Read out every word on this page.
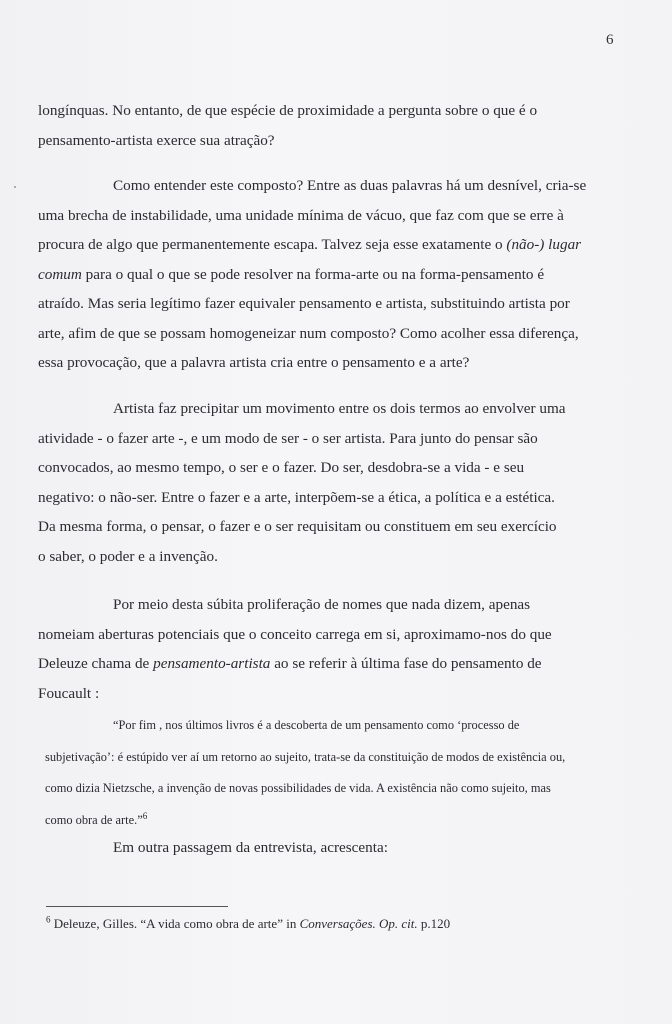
6

longínquas. No entanto, de que espécie de proximidade a pergunta sobre o que é o
pensamento-artista exerce sua atração?

Como entender este composto? Entre as duas palavras há um desnível, cria-se
uma brecha de instabilidade, uma unidade mínima de vácuo, que faz com que se erre à
procura de algo que permanentemente escapa. Talvez seja esse exatamente o (não-) lugar
comum para o qual o que se pode resolver na forma-arte ou na forma-pensamento é
atraído. Mas seria legítimo fazer equivaler pensamento e artista, substituindo artista por
arte, afim de que se possam homogeneizar num composto? Como acolher essa diferença,
essa provocação, que a palavra artista cria entre o pensamento e a arte?

Artista faz precipitar um movimento entre os dois termos ao envolver uma
atividade - o fazer arte -, e um modo de ser - o ser artista. Para junto do pensar são
convocados, ao mesmo tempo, o ser e o fazer. Do ser, desdobra-se a vida - e seu
negativo: o não-ser. Entre o fazer e a arte, interpõem-se a ética, a política e a estética.
Da mesma forma, o pensar, o fazer e o ser requisitam ou constituem em seu exercício
o saber, o poder e a invenção.

Por meio desta súbita proliferação de nomes que nada dizem, apenas
nomeiam aberturas potenciais que o conceito carrega em si, aproximamo-nos do que
Deleuze chama de pensamento-artista ao se referir à última fase do pensamento de
Foucault :

“Por fim , nos últimos livros é a descoberta de um pensamento como ‘processo de
subjetivação’: é estúpido ver aí um retorno ao sujeito, trata-se da constituição de modos de existência ou,
como dizia Nietzsche, a invenção de novas possibilidades de vida. A existência não como sujeito, mas
como obra de arte.”$^6$

Em outra passagem da entrevista, acrescenta:

$^6$ Deleuze, Gilles. “A vida como obra de arte” in Conversações. Op. cit. p.120
